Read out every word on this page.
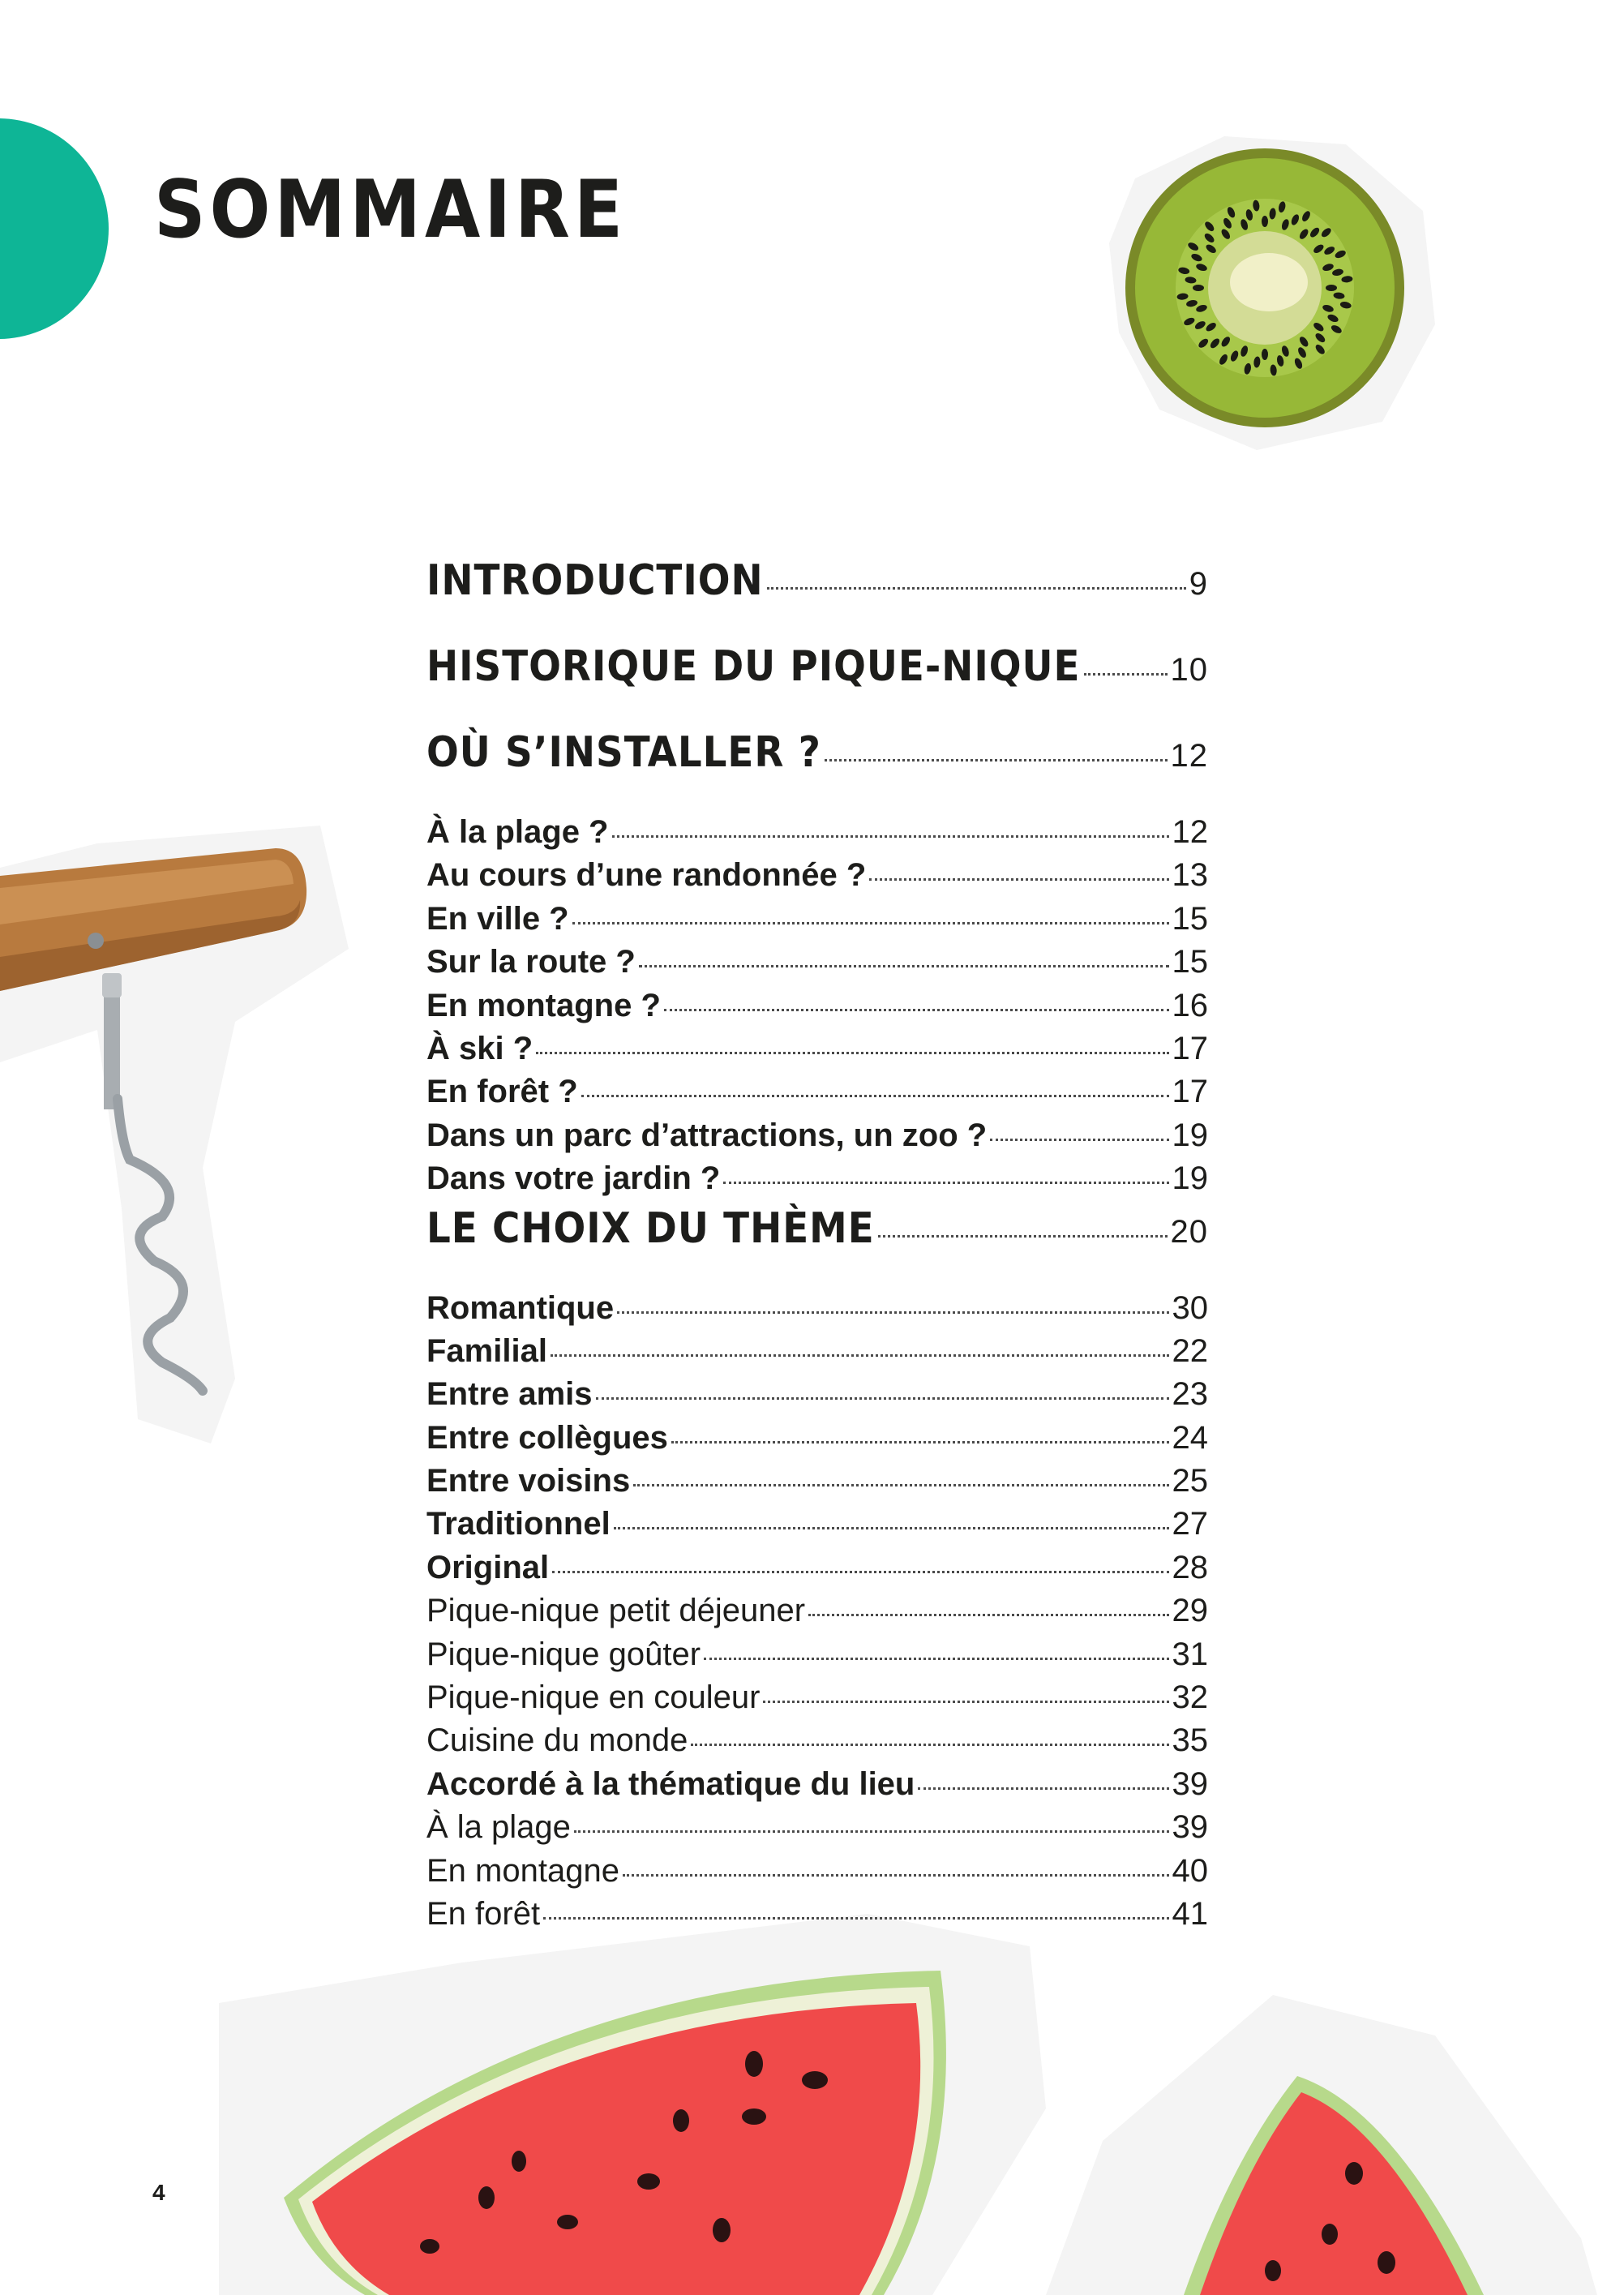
SOMMAIRE
INTRODUCTION	9
HISTORIQUE DU PIQUE-NIQUE	10
OÙ S’INSTALLER ?	12
À la plage ?	12
Au cours d’une randonnée ?	13
En ville ?	15
Sur la route ?	15
En montagne ?	16
À ski ?	17
En forêt ?	17
Dans un parc d’attractions, un zoo ?	19
Dans votre jardin ?	19
LE CHOIX DU THÈME	20
Romantique	30
Familial	22
Entre amis	23
Entre collègues	24
Entre voisins	25
Traditionnel	27
Original	28
Pique-nique petit déjeuner	29
Pique-nique goûter	31
Pique-nique en couleur	32
Cuisine du monde	35
Accordé à la thématique du lieu	39
À la plage	39
En montagne	40
En forêt	41
4
